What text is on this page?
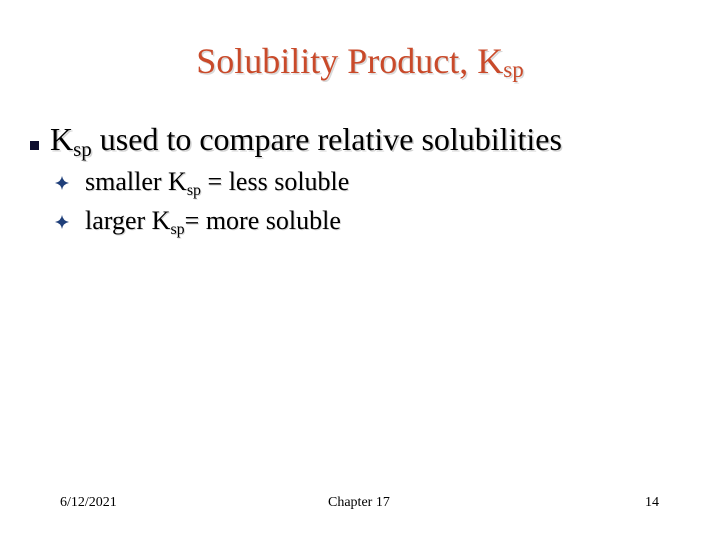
Solubility Product, Ksp
$K_{sp}$ used to compare relative solubilities
smaller $K_{sp}$ = less soluble
larger $K_{sp}=$ more soluble
6/12/2021	Chapter 17	14
